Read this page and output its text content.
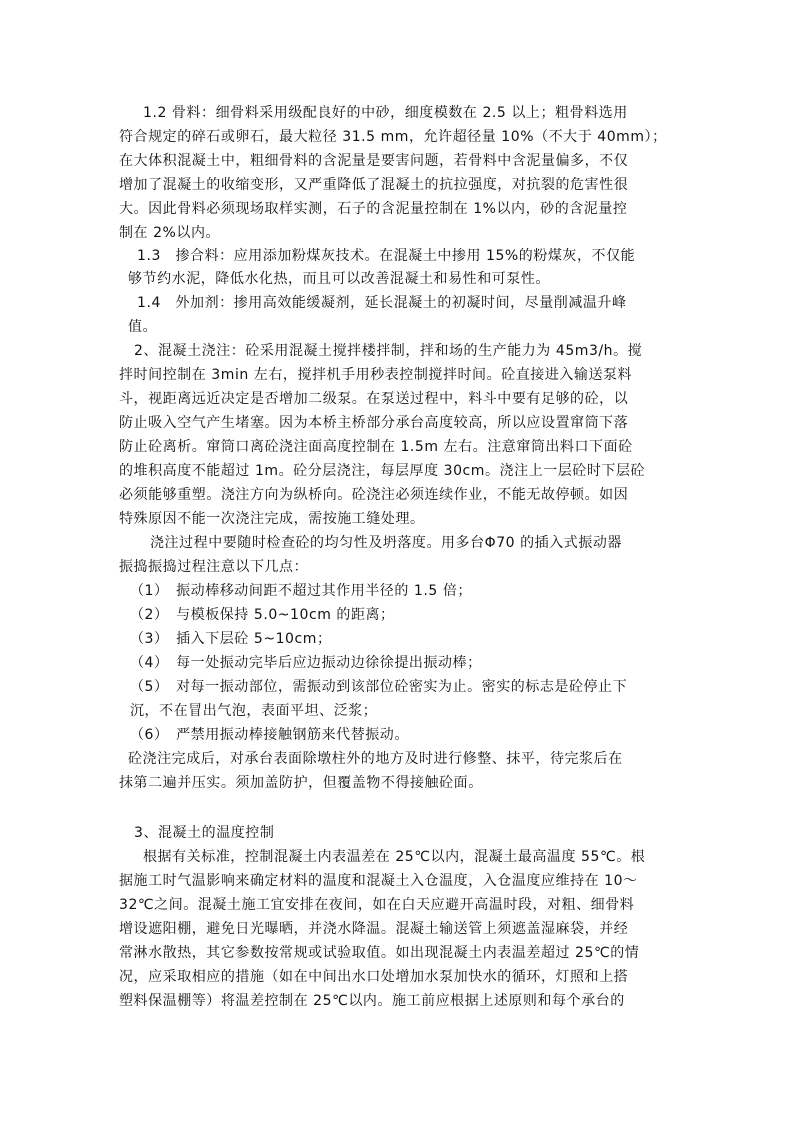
1.2 骨料：细骨料采用级配良好的中砂，细度模数在 2.5 以上；粗骨料选用
符合规定的碎石或卵石，最大粒径 31.5 mm，允许超径量 10%（不大于 40mm）；
在大体积混凝土中，粗细骨料的含泥量是要害问题，若骨料中含泥量偏多，不仅
增加了混凝土的收缩变形，又严重降低了混凝土的抗拉强度，对抗裂的危害性很
大。因此骨料必须现场取样实测，石子的含泥量控制在 1%以内，砂的含泥量控
制在 2%以内。
1.3　掺合料：应用添加粉煤灰技术。在混凝土中掺用 15%的粉煤灰，不仅能
够节约水泥，降低水化热，而且可以改善混凝土和易性和可泵性。
1.4　外加剂：掺用高效能缓凝剂，延长混凝土的初凝时间，尽量削减温升峰
值。
2、混凝土浇注：砼采用混凝土搅拌楼拌制，拌和场的生产能力为 45m3/h。搅
拌时间控制在 3min 左右，搅拌机手用秒表控制搅拌时间。砼直接进入输送泵料
斗，视距离远近决定是否增加二级泵。在泵送过程中，料斗中要有足够的砼，以
防止吸入空气产生堵塞。因为本桥主桥部分承台高度较高，所以应设置窜筒下落
防止砼离析。窜筒口离砼浇注面高度控制在 1.5m 左右。注意窜筒出料口下面砼
的堆积高度不能超过 1m。砼分层浇注，每层厚度 30cm。浇注上一层砼时下层砼
必须能够重塑。浇注方向为纵桥向。砼浇注必须连续作业，不能无故停顿。如因
特殊原因不能一次浇注完成，需按施工缝处理。
浇注过程中要随时检查砼的均匀性及坍落度。用多台Φ70 的插入式振动器
振捣振捣过程注意以下几点：
（1）　振动棒移动间距不超过其作用半径的 1.5 倍；
（2）　与模板保持 5.0~10cm 的距离；
（3）　插入下层砼 5~10cm；
（4）　每一处振动完毕后应边振动边徐徐提出振动棒；
（5）　对每一振动部位，需振动到该部位砼密实为止。密实的标志是砼停止下
沉，不在冒出气泡，表面平坦、泛浆；
（6）　严禁用振动棒接触钢筋来代替振动。
砼浇注完成后，对承台表面除墩柱外的地方及时进行修整、抹平，待完浆后在
抹第二遍并压实。须加盖防护，但覆盖物不得接触砼面。
3、混凝土的温度控制
根据有关标准，控制混凝土内表温差在 25℃以内，混凝土最高温度 55℃。根
据施工时气温影响来确定材料的温度和混凝土入仓温度，入仓温度应维持在 10～
32℃之间。混凝土施工宜安排在夜间，如在白天应避开高温时段，对粗、细骨料
增设遮阳棚，避免日光曝晒，并浇水降温。混凝土输送管上须遮盖湿麻袋，并经
常淋水散热，其它参数按常规或试验取值。如出现混凝土内表温差超过 25℃的情
况，应采取相应的措施（如在中间出水口处增加水泵加快水的循环，灯照和上搭
塑料保温棚等）将温差控制在 25℃以内。施工前应根据上述原则和每个承台的
